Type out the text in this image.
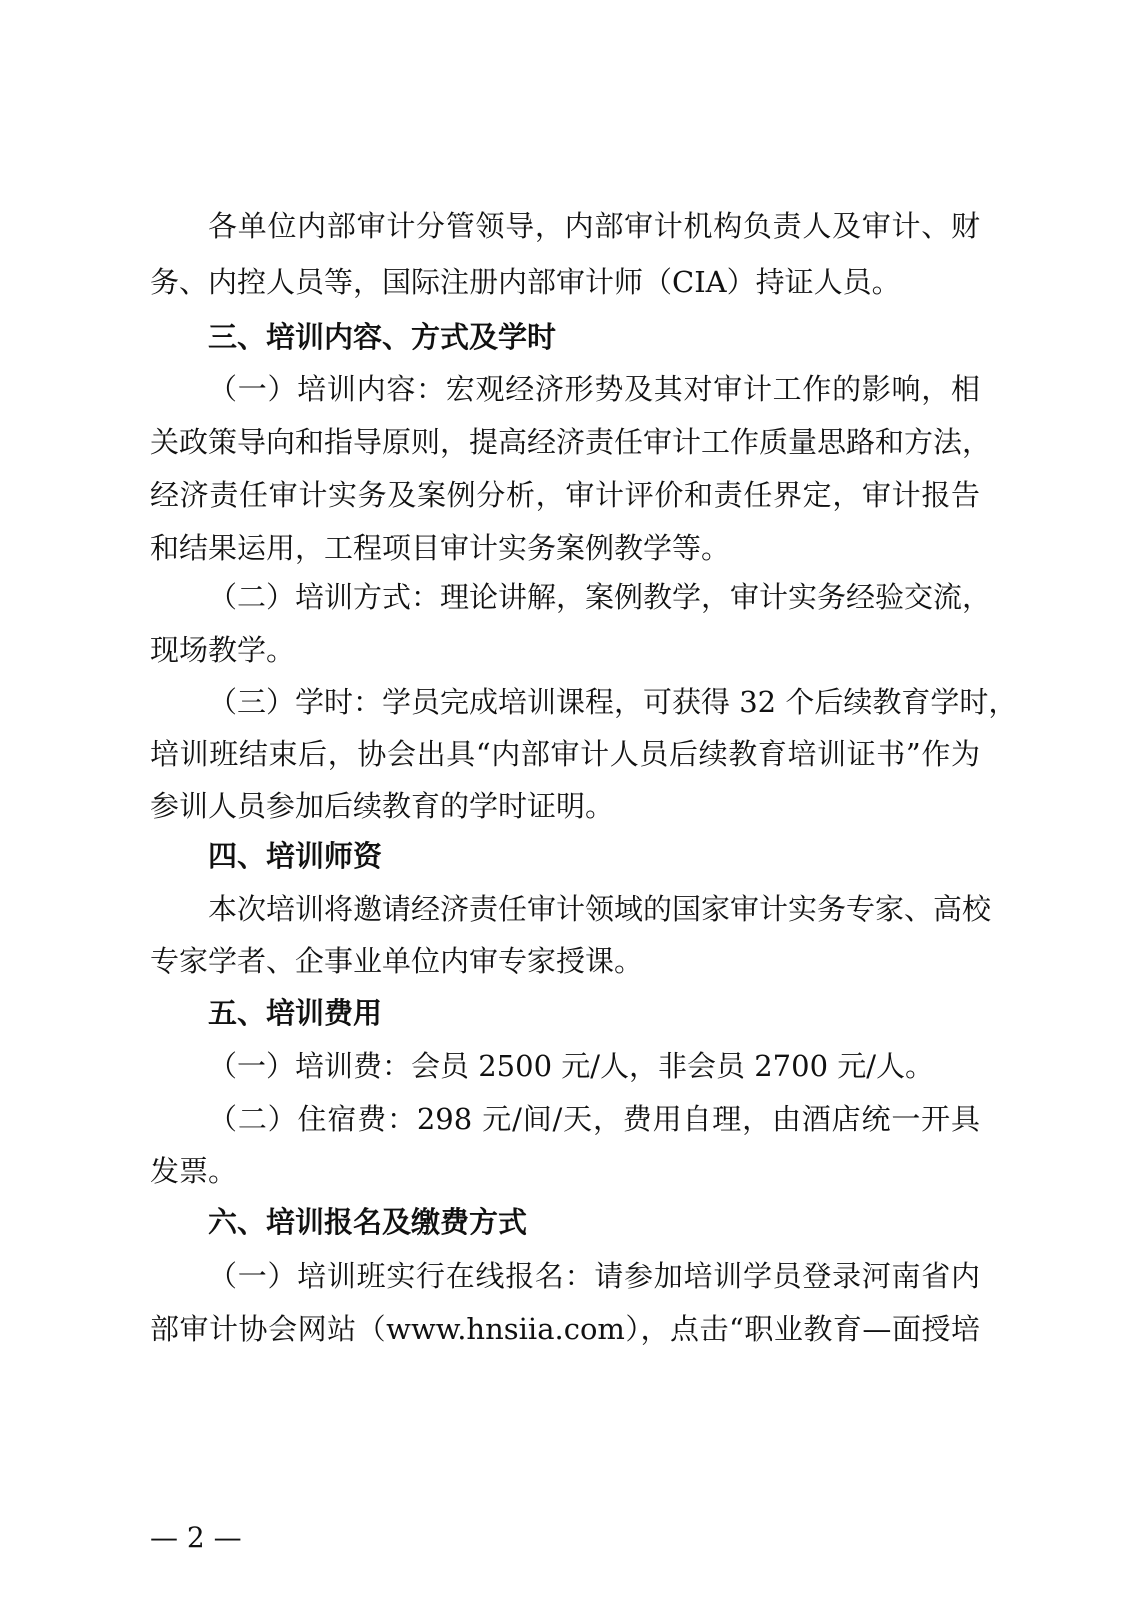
各单位内部审计分管领导，内部审计机构负责人及审计、财
务、内控人员等，国际注册内部审计师（CIA）持证人员。
三、培训内容、方式及学时
（一）培训内容：宏观经济形势及其对审计工作的影响，相
关政策导向和指导原则，提高经济责任审计工作质量思路和方法，
经济责任审计实务及案例分析，审计评价和责任界定，审计报告
和结果运用，工程项目审计实务案例教学等。
（二）培训方式：理论讲解，案例教学，审计实务经验交流，
现场教学。
（三）学时：学员完成培训课程，可获得 32 个后续教育学时，
培训班结束后，协会出具“内部审计人员后续教育培训证书”作为
参训人员参加后续教育的学时证明。
四、培训师资
本次培训将邀请经济责任审计领域的国家审计实务专家、高校
专家学者、企事业单位内审专家授课。
五、培训费用
（一）培训费：会员 2500 元/人，非会员 2700 元/人。
（二）住宿费：298 元/间/天，费用自理，由酒店统一开具
发票。
六、培训报名及缴费方式
（一）培训班实行在线报名：请参加培训学员登录河南省内
部审计协会网站（www.hnsiia.com），点击“职业教育—面授培
— 2 —
